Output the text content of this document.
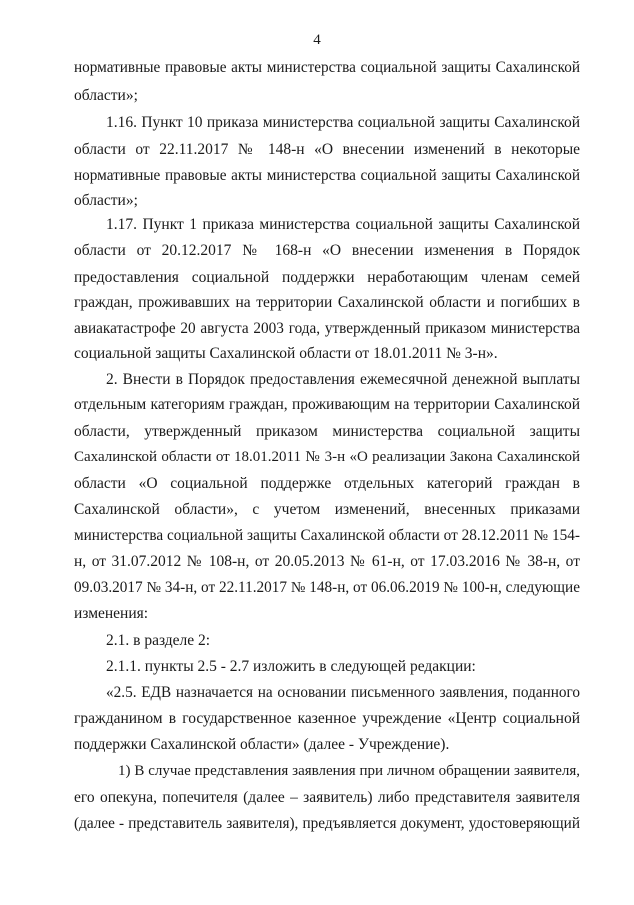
4
нормативные правовые акты министерства социальной защиты Сахалинской
области»;
1.16. Пункт 10 приказа министерства социальной защиты Сахалинской
области от 22.11.2017 № 148-н «О внесении изменений в некоторые
нормативные правовые акты министерства социальной защиты Сахалинской
области»;
1.17. Пункт 1 приказа министерства социальной защиты Сахалинской
области от 20.12.2017 № 168-н «О внесении изменения в Порядок
предоставления социальной поддержки неработающим членам семей
граждан, проживавших на территории Сахалинской области и погибших в
авиакатастрофе 20 августа 2003 года, утвержденный приказом министерства
социальной защиты Сахалинской области от 18.01.2011 № 3-н».
2. Внести в Порядок предоставления ежемесячной денежной выплаты
отдельным категориям граждан, проживающим на территории Сахалинской
области, утвержденный приказом министерства социальной защиты
Сахалинской области от 18.01.2011 № 3-н «О реализации Закона Сахалинской
области «О социальной поддержке отдельных категорий граждан в
Сахалинской области», с учетом изменений, внесенных приказами
министерства социальной защиты Сахалинской области от 28.12.2011 № 154-
н, от 31.07.2012 № 108-н, от 20.05.2013 № 61-н, от 17.03.2016 № 38-н, от
09.03.2017 № 34-н, от 22.11.2017 № 148-н, от 06.06.2019 № 100-н, следующие
изменения:
2.1. в разделе 2:
2.1.1. пункты 2.5 - 2.7 изложить в следующей редакции:
«2.5. ЕДВ назначается на основании письменного заявления, поданного
гражданином в государственное казенное учреждение «Центр социальной
поддержки Сахалинской области» (далее - Учреждение).
1) В случае представления заявления при личном обращении заявителя,
его опекуна, попечителя (далее – заявитель) либо представителя заявителя
(далее - представитель заявителя), предъявляется документ, удостоверяющий
